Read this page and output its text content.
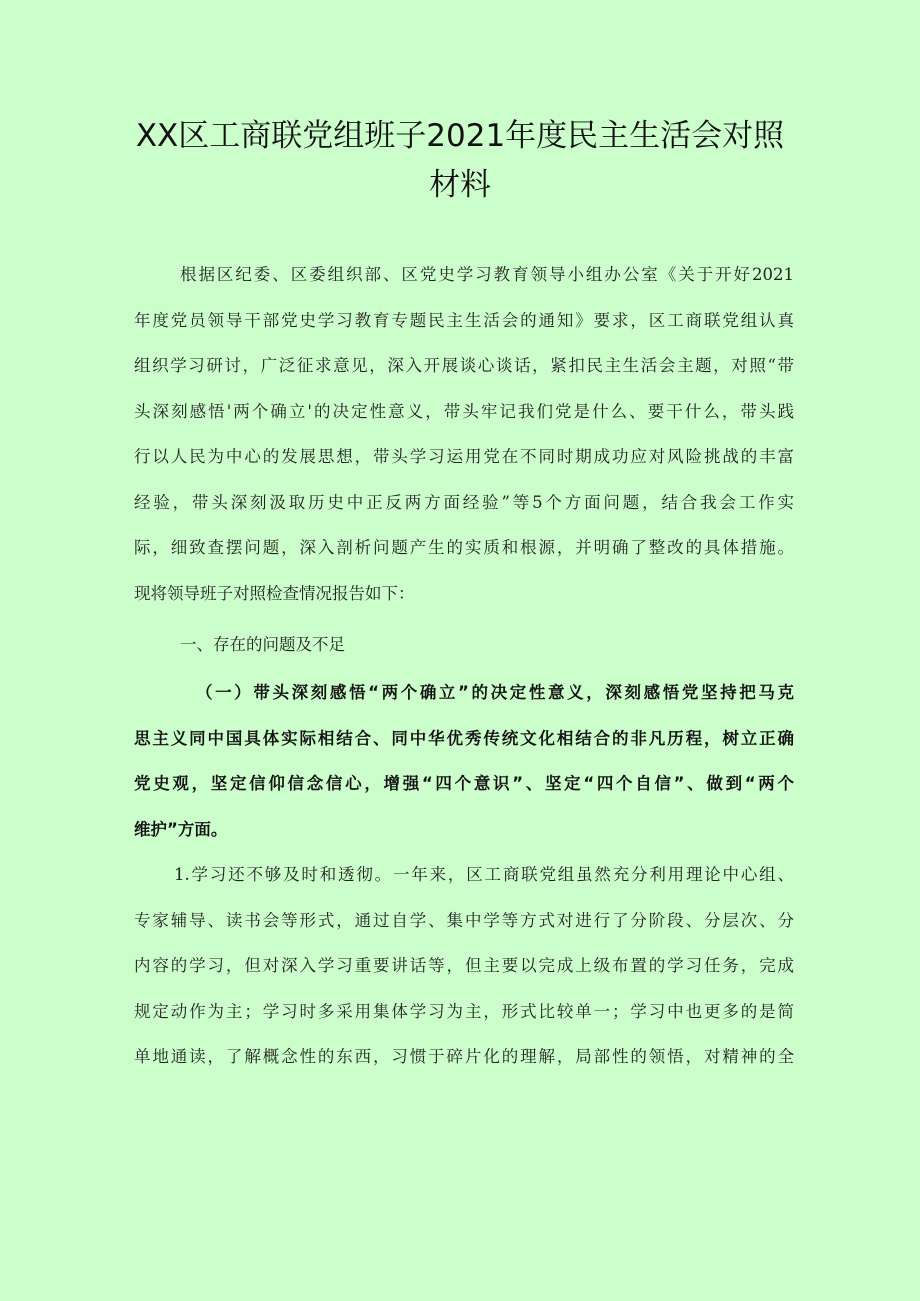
XX区工商联党组班子2021年度民主生活会对照
材料
根据区纪委、区委组织部、区党史学习教育领导小组办公室《关于开好2021
年度党员领导干部党史学习教育专题民主生活会的通知》要求，区工商联党组认真
组织学习研讨，广泛征求意见，深入开展谈心谈话，紧扣民主生活会主题，对照“带
头深刻感悟'两个确立'的决定性意义，带头牢记我们党是什么、要干什么，带头践
行以人民为中心的发展思想，带头学习运用党在不同时期成功应对风险挑战的丰富
经验，带头深刻汲取历史中正反两方面经验”等5个方面问题，结合我会工作实
际，细致查摆问题，深入剖析问题产生的实质和根源，并明确了整改的具体措施。
现将领导班子对照检查情况报告如下：
一、存在的问题及不足
（一）带头深刻感悟“两个确立”的决定性意义，深刻感悟党坚持把马克
思主义同中国具体实际相结合、同中华优秀传统文化相结合的非凡历程，树立正确
党史观，坚定信仰信念信心，增强“四个意识”、坚定“四个自信”、做到“两个
维护”方面。
1.学习还不够及时和透彻。一年来，区工商联党组虽然充分利用理论中心组、
专家辅导、读书会等形式，通过自学、集中学等方式对进行了分阶段、分层次、分
内容的学习，但对深入学习重要讲话等，但主要以完成上级布置的学习任务，完成
规定动作为主；学习时多采用集体学习为主，形式比较单一；学习中也更多的是简
单地通读，了解概念性的东西，习惯于碎片化的理解，局部性的领悟，对精神的全
